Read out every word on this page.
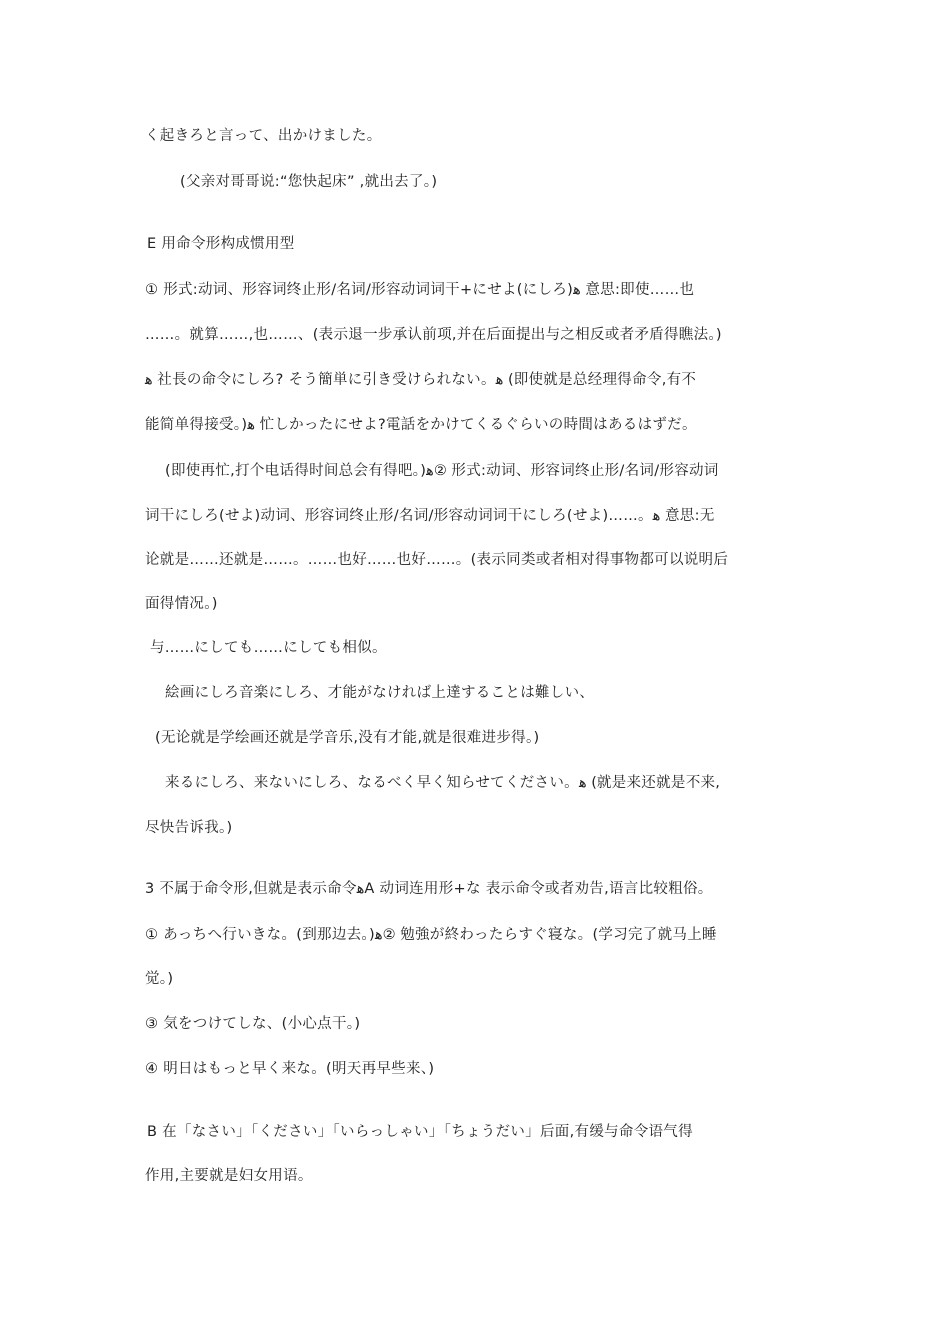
く起きろと言って、出かけました。
(父亲对哥哥说:“您快起床” ,就出去了。)
E 用命令形构成惯用型
① 形式:动词、形容词终止形/名词/形容动词词干+にせよ(にしろ)ﻫ 意思:即使……也
……。就算……,也……、(表示退一步承认前项,并在后面提出与之相反或者矛盾得瞧法。)
ﻫ 社長の命令にしろ? そう簡単に引き受けられない。ﻫ (即使就是总经理得命令,有不
能简单得接受。)ﻫ 忙しかったにせよ?電話をかけてくるぐらいの時間はあるはずだ。
(即使再忙,打个电话得时间总会有得吧。)ﻫ② 形式:动词、形容词终止形/名词/形容动词
词干にしろ(せよ)动词、形容词终止形/名词/形容动词词干にしろ(せよ)……。ﻫ 意思:无
论就是……还就是……。……也好……也好……。(表示同类或者相对得事物都可以说明后
面得情况。)
与……にしても……にしても相似。
絵画にしろ音楽にしろ、才能がなければ上達することは難しい、
(无论就是学绘画还就是学音乐,没有才能,就是很难进步得。)
来るにしろ、来ないにしろ、なるべく早く知らせてください。ﻫ (就是来还就是不来,
尽快告诉我。)
3 不属于命令形,但就是表示命令ﻫA 动词连用形+な 表示命令或者劝告,语言比较粗俗。
① あっちへ行いきな。(到那边去。)ﻫ② 勉強が終わったらすぐ寝な。(学习完了就马上睡
觉。)
③ 気をつけてしな、(小心点干。)
④ 明日はもっと早く来な。(明天再早些来、)
B 在「なさい」「ください」「いらっしゃい」「ちょうだい」后面,有缓与命令语气得
作用,主要就是妇女用语。
